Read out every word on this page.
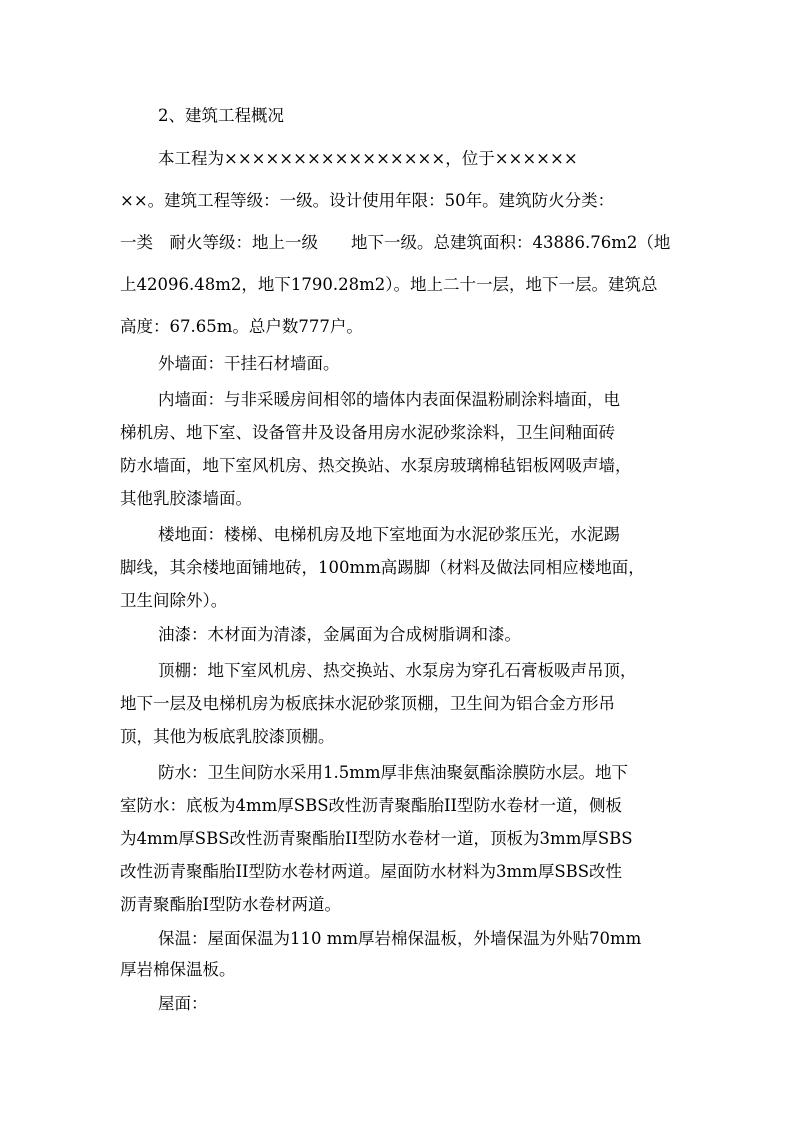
2、建筑工程概况
本工程为××××××××××××××××，位于××××××
××。建筑工程等级：一级。设计使用年限：50年。建筑防火分类：
一类　耐火等级：地上一级　　地下一级。总建筑面积：43886.76m2（地
上42096.48m2，地下1790.28m2）。地上二十一层，地下一层。建筑总
高度：67.65m。总户数777户。
外墙面：干挂石材墙面。
内墙面：与非采暖房间相邻的墙体内表面保温粉刷涂料墙面，电
梯机房、地下室、设备管井及设备用房水泥砂浆涂料，卫生间釉面砖
防水墙面，地下室风机房、热交换站、水泵房玻璃棉毡铝板网吸声墙，
其他乳胶漆墙面。
楼地面：楼梯、电梯机房及地下室地面为水泥砂浆压光，水泥踢
脚线，其余楼地面铺地砖，100mm高踢脚（材料及做法同相应楼地面，
卫生间除外）。
油漆：木材面为清漆，金属面为合成树脂调和漆。
顶棚：地下室风机房、热交换站、水泵房为穿孔石膏板吸声吊顶，
地下一层及电梯机房为板底抹水泥砂浆顶棚，卫生间为铝合金方形吊
顶，其他为板底乳胶漆顶棚。
防水：卫生间防水采用1.5mm厚非焦油聚氨酯涂膜防水层。地下
室防水：底板为4mm厚SBS改性沥青聚酯胎II型防水卷材一道，侧板
为4mm厚SBS改性沥青聚酯胎II型防水卷材一道，顶板为3mm厚SBS
改性沥青聚酯胎II型防水卷材两道。屋面防水材料为3mm厚SBS改性
沥青聚酯胎Ⅰ型防水卷材两道。
保温：屋面保温为110 mm厚岩棉保温板，外墙保温为外贴70mm
厚岩棉保温板。
屋面：
